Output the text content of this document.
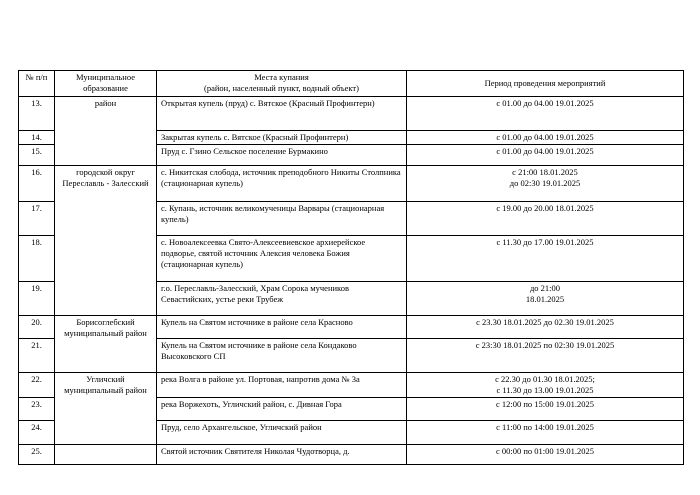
№ п/п	Муниципальное образование	Места купания
(район, населенный пункт, водный объект)	Период проведения мероприятий
13.	район	Открытая купель (пруд) с. Вятское (Красный Профинтерн)	с 01.00 до 04.00 19.01.2025
14.		Закрытая купель с. Вятское (Красный Профинтерн)	с 01.00 до 04.00 19.01.2025
15.		Пруд с. Гзино Сельское поселение Бурмакино	с 01.00 до 04.00 19.01.2025
16.	городской округ Переславль - Залесский	с. Никитская слобода, источник преподобного Никиты Столпника (стационарная купель)	с 21:00 18.01.2025
до 02:30 19.01.2025

17.		с. Купань, источник великомученицы Варвары (стационарная купель)	с 19.00 до 20.00 18.01.2025
18.		с. Новоалексеевка Свято-Алексеевиевское архиерейское подворье, святой источник Алексия человека Божия (стационарная купель)	с 11.30 до 17.00 19.01.2025
19.		г.о. Переславль-Залесский, Храм Сорока мучеников Севастийских, устье реки Трубеж	до 21:00
18.01.2025

20.	Борисоглебский муниципальный район	Купель на Святом источнике в районе села Красново	с 23.30 18.01.2025 до 02.30 19.01.2025
21.		Купель на Святом источнике в районе села Кондаково Высоковского СП	с 23:30 18.01.2025 по 02:30 19.01.2025
22.	Угличский муниципальный район	река Волга в районе ул. Портовая, напротив дома № 3а	с 22.30 до 01.30 18.01.2025;
с 11.30 до 13.00 19.01.2025

23.		река Воржехоть, Угличский район, с. Дивная Гора	с 12:00 по 15:00 19.01.2025
24.		Пруд, село Архангельское, Угличский район	с 11:00 по 14:00 19.01.2025
25.		Святой источник Святителя Николая Чудотворца, д.	с 00:00 по 01:00 19.01.2025
